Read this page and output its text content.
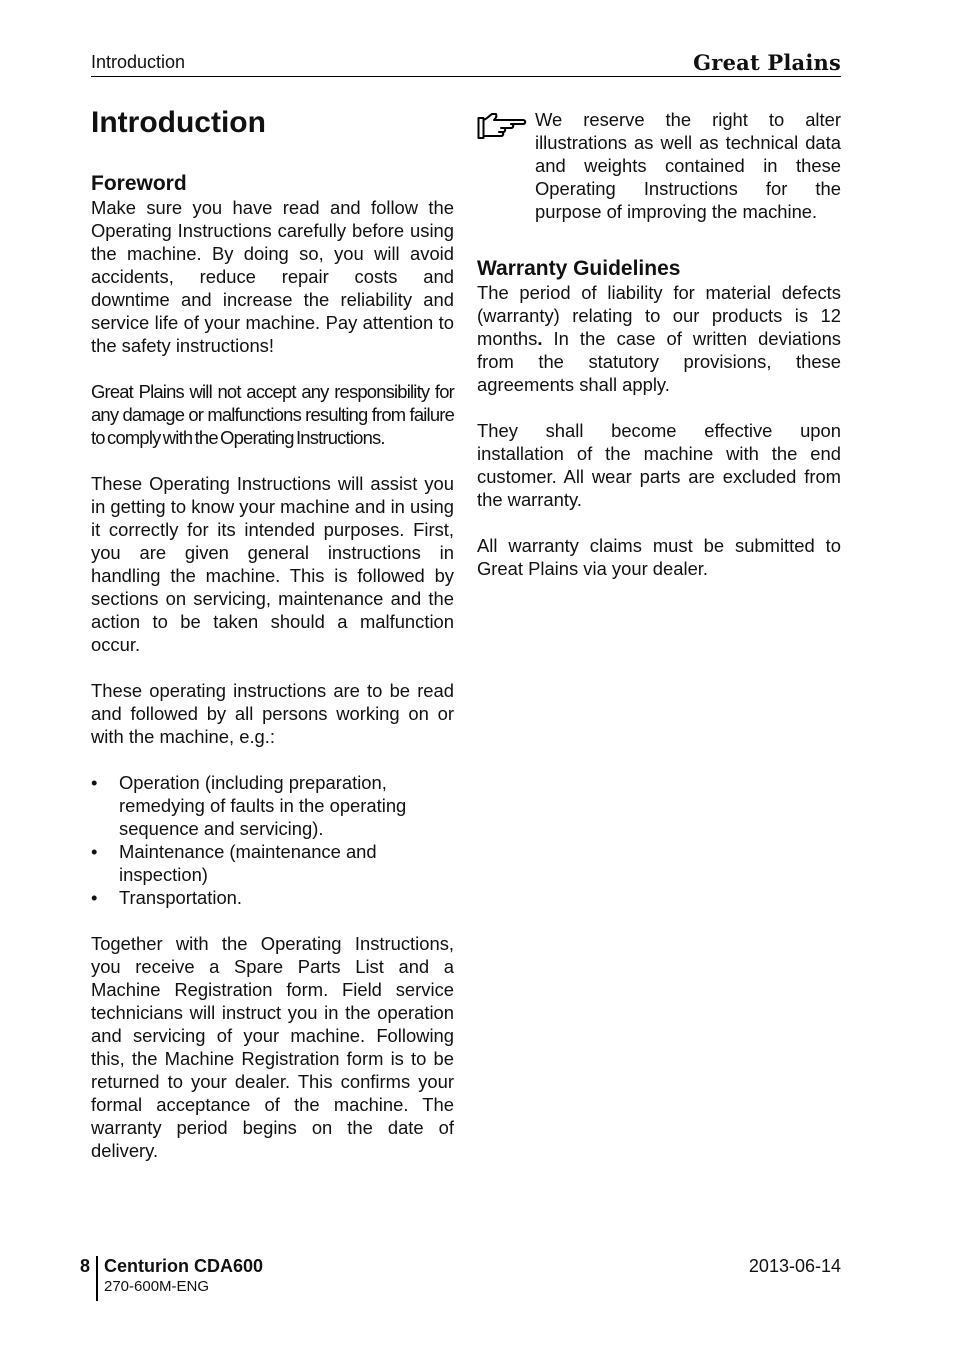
Introduction	Great Plains
Introduction
Foreword

Make sure you have read and follow the Operating Instructions carefully before using the machine. By doing so, you will avoid accidents, reduce repair costs and downtime and increase the reliability and service life of your machine. Pay attention to the safety instructions!

Great Plains will not accept any responsibility for any damage or malfunctions resulting from failure to comply with the Operating Instructions.

These Operating Instructions will assist you in getting to know your machine and in using it correctly for its intended purposes. First, you are given general instructions in handling the machine. This is followed by sections on servicing, maintenance and the action to be taken should a malfunction occur.

These operating instructions are to be read and followed by all persons working on or with the machine, e.g.:

• Operation (including preparation, remedying of faults in the operating sequence and servicing).
• Maintenance (maintenance and inspection)
• Transportation.

Together with the Operating Instructions, you receive a Spare Parts List and a Machine Registration form. Field service technicians will instruct you in the operation and servicing of your machine. Following this, the Machine Registration form is to be returned to your dealer. This confirms your formal acceptance of the machine. The warranty period begins on the date of delivery.

We reserve the right to alter illustrations as well as technical data and weights contained in these Operating Instructions for the purpose of improving the machine.

Warranty Guidelines

The period of liability for material defects (warranty) relating to our products is 12 months. In the case of written deviations from the statutory provisions, these agreements shall apply.

They shall become effective upon installation of the machine with the end customer. All wear parts are excluded from the warranty.

All warranty claims must be submitted to Great Plains via your dealer.

8 Centurion CDA600
270-600M-ENG
2013-06-14
